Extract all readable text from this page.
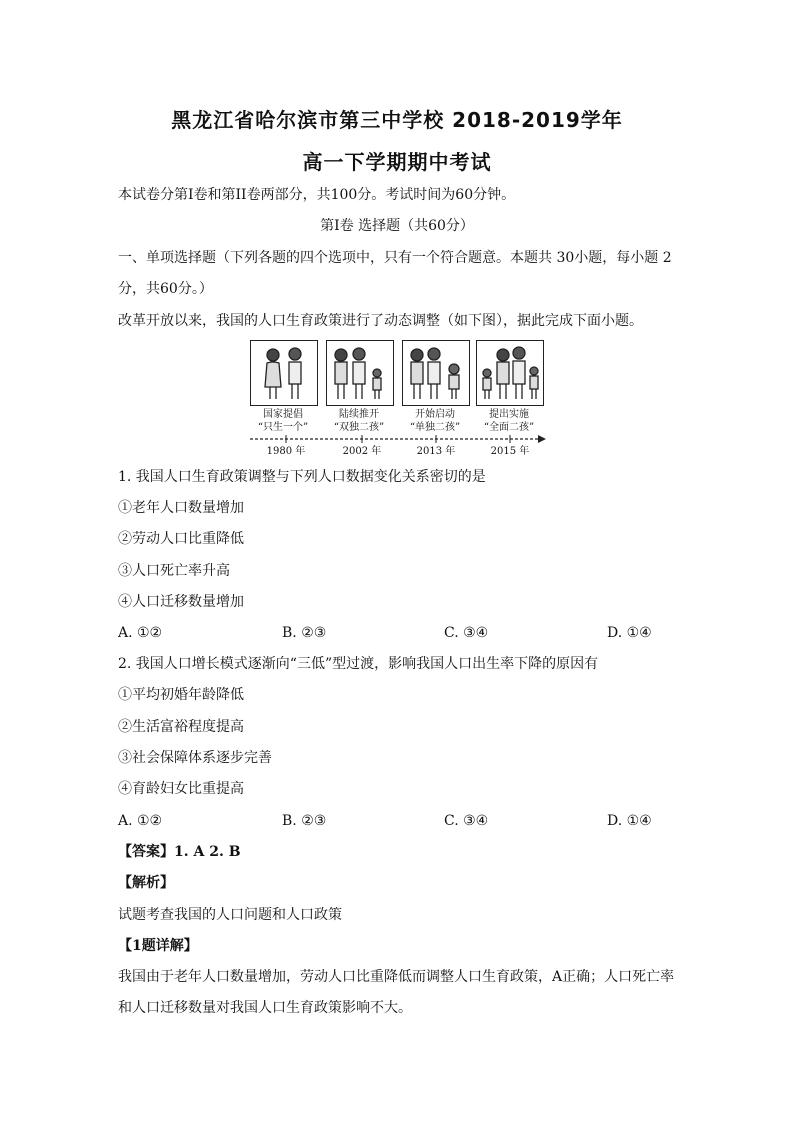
黑龙江省哈尔滨市第三中学校 2018-2019学年
高一下学期期中考试
本试卷分第I卷和第II卷两部分，共100分。考试时间为60分钟。
第I卷 选择题（共60分）
一、单项选择题（下列各题的四个选项中，只有一个符合题意。本题共 30小题，每小题 2
分，共60分。）
改革开放以来，我国的人口生育政策进行了动态调整（如下图），据此完成下面小题。
国家提倡
“只生一个”
陆续推开
“双独二孩”
开始启动
“单独二孩”
提出实施
“全面二孩”
1980 年	2002 年	2013 年	2015 年
1. 我国人口生育政策调整与下列人口数据变化关系密切的是
①老年人口数量增加
②劳动人口比重降低
③人口死亡率升高
④人口迁移数量增加
A. ①②	B. ②③	C. ③④	D. ①④
2. 我国人口增长模式逐渐向“三低”型过渡，影响我国人口出生率下降的原因有
①平均初婚年龄降低
②生活富裕程度提高
③社会保障体系逐步完善
④育龄妇女比重提高
A. ①②	B. ②③	C. ③④	D. ①④
【答案】1. A 2. B
【解析】
试题考查我国的人口问题和人口政策
【1题详解】
我国由于老年人口数量增加，劳动人口比重降低而调整人口生育政策，A正确；人口死亡率
和人口迁移数量对我国人口生育政策影响不大。
